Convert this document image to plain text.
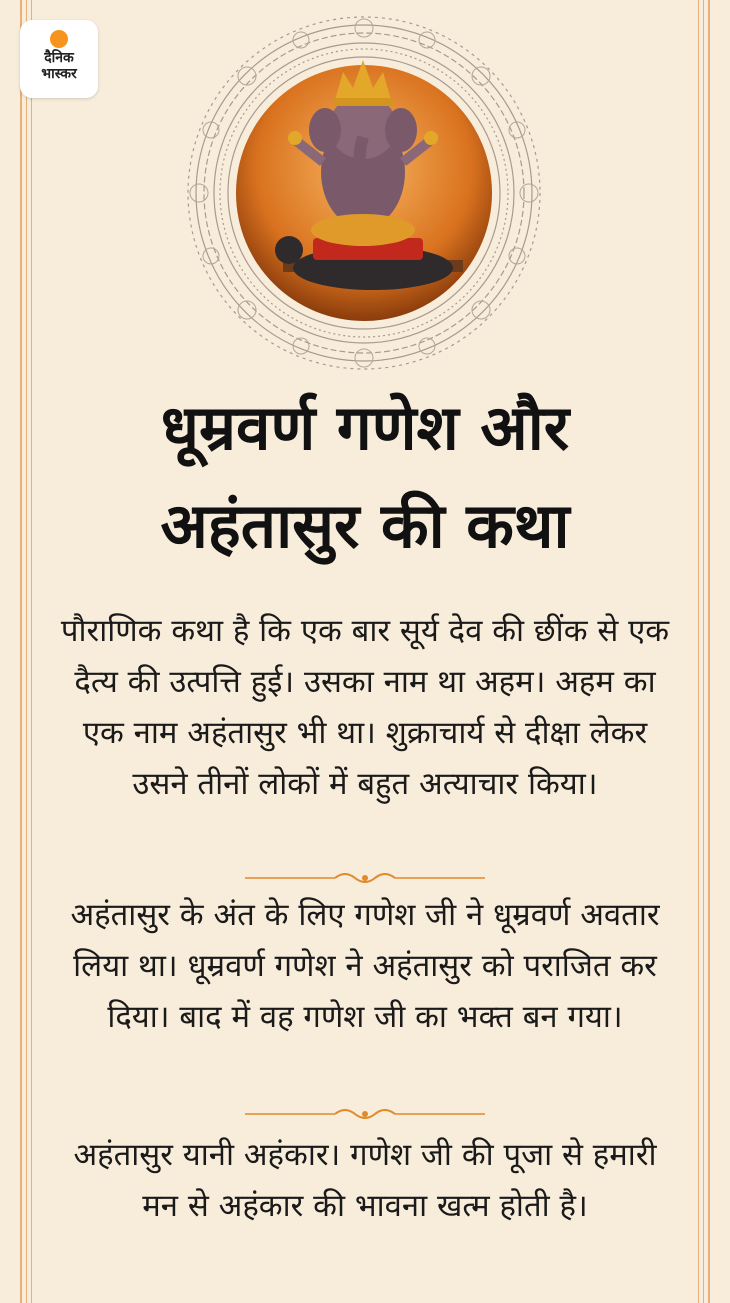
दैनिक
भास्कर
धूम्रवर्ण गणेश और
अहंतासुर की कथा
पौराणिक कथा है कि एक बार सूर्य देव की छींक से एक दैत्य की उत्पत्ति हुई। उसका नाम था अहम। अहम का एक नाम अहंतासुर भी था। शुक्राचार्य से दीक्षा लेकर उसने तीनों लोकों में बहुत अत्याचार किया।
अहंतासुर के अंत के लिए गणेश जी ने धूम्रवर्ण अवतार लिया था। धूम्रवर्ण गणेश ने अहंतासुर को पराजित कर दिया। बाद में वह गणेश जी का भक्त बन गया।
अहंतासुर यानी अहंकार। गणेश जी की पूजा से हमारी मन से अहंकार की भावना खत्म होती है।
